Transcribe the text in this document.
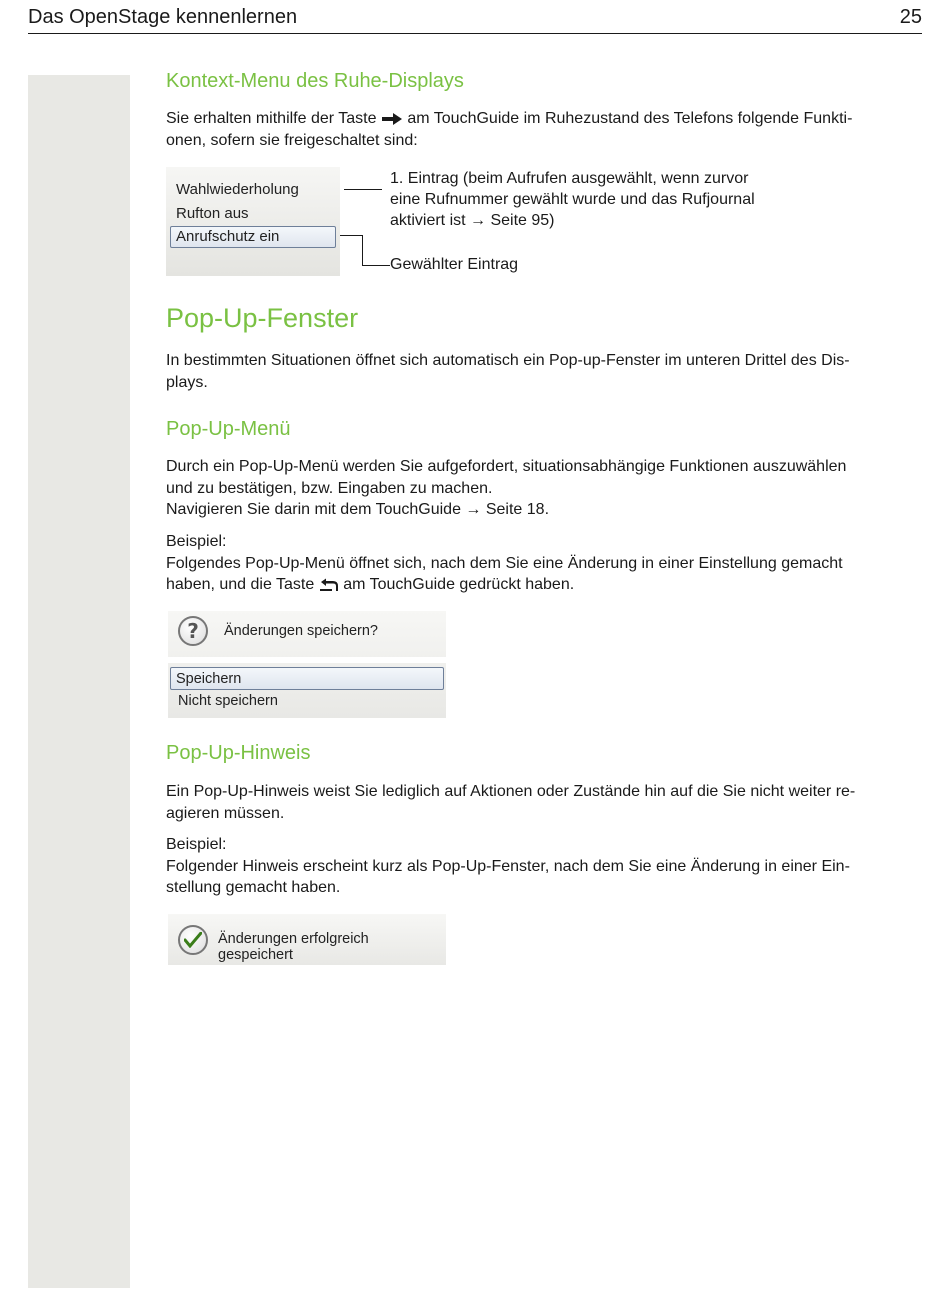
Das OpenStage kennenlernen	25
Kontext-Menu des Ruhe-Displays

Sie erhalten mithilfe der Taste am TouchGuide im Ruhezustand des Telefons folgende Funkti-
onen, sofern sie freigeschaltet sind:

Wahlwiederholung
Rufton aus
Anrufschutz ein
1. Eintrag (beim Aufrufen ausgewählt, wenn zurvor
eine Rufnummer gewählt wurde und das Rufjournal
aktiviert ist → Seite 95)
Gewählter Eintrag
Pop-Up-Fenster

In bestimmten Situationen öffnet sich automatisch ein Pop-up-Fenster im unteren Drittel des Dis-
plays.

Pop-Up-Menü

Durch ein Pop-Up-Menü werden Sie aufgefordert, situationsabhängige Funktionen auszuwählen
und zu bestätigen, bzw. Eingaben zu machen.
Navigieren Sie darin mit dem TouchGuide → Seite 18.

Beispiel:
Folgendes Pop-Up-Menü öffnet sich, nach dem Sie eine Änderung in einer Einstellung gemacht
haben, und die Taste am TouchGuide gedrückt haben.

?	Änderungen speichern?
Speichern
Nicht speichern
Pop-Up-Hinweis

Ein Pop-Up-Hinweis weist Sie lediglich auf Aktionen oder Zustände hin auf die Sie nicht weiter re-
agieren müssen.

Beispiel:
Folgender Hinweis erscheint kurz als Pop-Up-Fenster, nach dem Sie eine Änderung in einer Ein-
stellung gemacht haben.

Änderungen erfolgreich gespeichert
